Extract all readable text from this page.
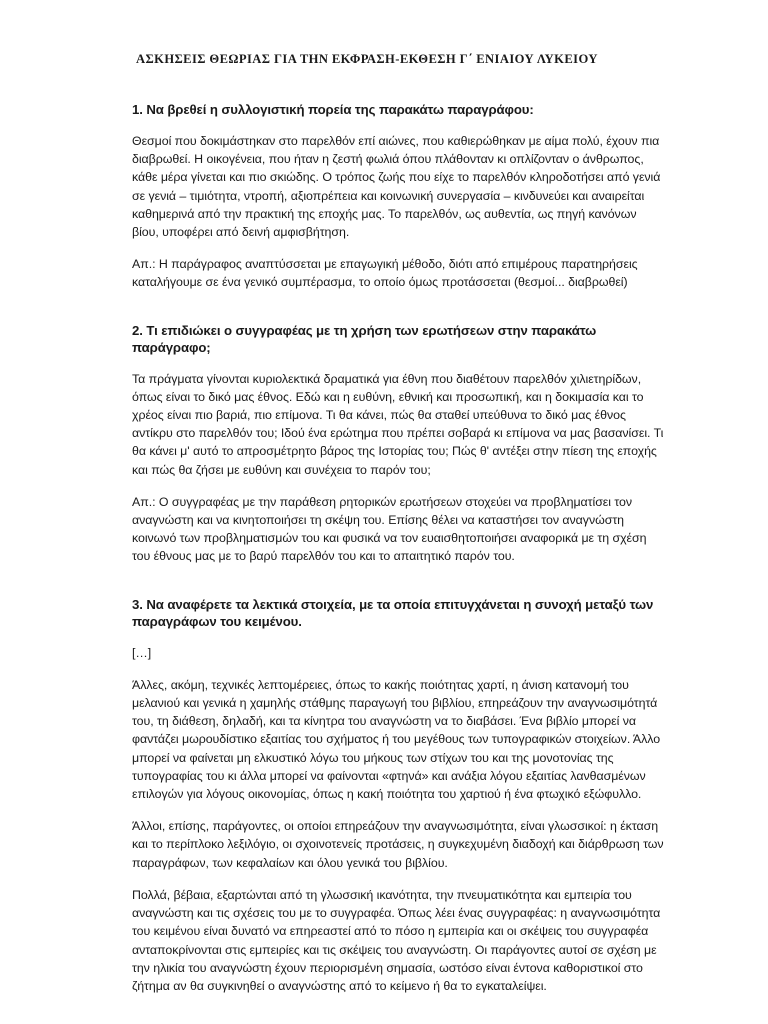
ΑΣΚΗΣΕΙΣ ΘΕΩΡΙΑΣ ΓΙΑ ΤΗΝ ΕΚΦΡΑΣΗ-ΕΚΘΕΣΗ Γ΄ ΕΝΙΑΙΟΥ ΛΥΚΕΙΟΥ
1. Να βρεθεί η συλλογιστική πορεία της παρακάτω παραγράφου:

Θεσμοί που δοκιμάστηκαν στο παρελθόν επί αιώνες, που καθιερώθηκαν με αίμα πολύ, έχουν πια διαβρωθεί. Η οικογένεια, που ήταν η ζεστή φωλιά όπου πλάθονταν κι οπλίζονταν ο άνθρωπος, κάθε μέρα γίνεται και πιο σκιώδης. Ο τρόπος ζωής που είχε το παρελθόν κληροδοτήσει από γενιά σε γενιά – τιμιότητα, ντροπή, αξιοπρέπεια και κοινωνική συνεργασία – κινδυνεύει και αναιρείται καθημερινά από την πρακτική της εποχής μας. Το παρελθόν, ως αυθεντία, ως πηγή κανόνων βίου, υποφέρει από δεινή αμφισβήτηση.

Απ.: Η παράγραφος αναπτύσσεται με επαγωγική μέθοδο, διότι από επιμέρους παρατηρήσεις καταλήγουμε σε ένα γενικό συμπέρασμα, το οποίο όμως προτάσσεται (θεσμοί... διαβρωθεί)

2. Τι επιδιώκει ο συγγραφέας με τη χρήση των ερωτήσεων στην παρακάτω παράγραφο;

Τα πράγματα γίνονται κυριολεκτικά δραματικά για έθνη που διαθέτουν παρελθόν χιλιετηρίδων, όπως είναι το δικό μας έθνος. Εδώ και η ευθύνη, εθνική και προσωπική, και η δοκιμασία και το χρέος είναι πιο βαριά, πιο επίμονα. Τι θα κάνει, πώς θα σταθεί υπεύθυνα το δικό μας έθνος αντίκρυ στο παρελθόν του; Ιδού ένα ερώτημα που πρέπει σοβαρά κι επίμονα να μας βασανίσει. Τι θα κάνει μ' αυτό το απροσμέτρητο βάρος της Ιστορίας του; Πώς θ' αντέξει στην πίεση της εποχής και πώς θα ζήσει με ευθύνη και συνέχεια το παρόν του;

Απ.: Ο συγγραφέας με την παράθεση ρητορικών ερωτήσεων στοχεύει να προβληματίσει τον αναγνώστη και να κινητοποιήσει τη σκέψη του. Επίσης θέλει να καταστήσει τον αναγνώστη κοινωνό των προβληματισμών του και φυσικά να τον ευαισθητοποιήσει αναφορικά με τη σχέση του έθνους μας με το βαρύ παρελθόν του και το απαιτητικό παρόν του.

3. Να αναφέρετε τα λεκτικά στοιχεία, με τα οποία επιτυγχάνεται η συνοχή μεταξύ των παραγράφων του κειμένου.

[…]

Άλλες, ακόμη, τεχνικές λεπτομέρειες, όπως το κακής ποιότητας χαρτί, η άνιση κατανομή του μελανιού και γενικά η χαμηλής στάθμης παραγωγή του βιβλίου, επηρεάζουν την αναγνωσιμότητά του, τη διάθεση, δηλαδή, και τα κίνητρα του αναγνώστη να το διαβάσει. Ένα βιβλίο μπορεί να φαντάζει μωρουδίστικο εξαιτίας του σχήματος ή του μεγέθους των τυπογραφικών στοιχείων. Άλλο μπορεί να φαίνεται μη ελκυστικό λόγω του μήκους των στίχων του και της μονοτονίας της τυπογραφίας του κι άλλα μπορεί να φαίνονται «φτηνά» και ανάξια λόγου εξαιτίας λανθασμένων επιλογών για λόγους οικονομίας, όπως η κακή ποιότητα του χαρτιού ή ένα φτωχικό εξώφυλλο.

Άλλοι, επίσης, παράγοντες, οι οποίοι επηρεάζουν την αναγνωσιμότητα, είναι γλωσσικοί: η έκταση και το περίπλοκο λεξιλόγιο, οι σχοινοτενείς προτάσεις, η συγκεχυμένη διαδοχή και διάρθρωση των παραγράφων, των κεφαλαίων και όλου γενικά του βιβλίου.

Πολλά, βέβαια, εξαρτώνται από τη γλωσσική ικανότητα, την πνευματικότητα και εμπειρία του αναγνώστη και τις σχέσεις του με το συγγραφέα. Όπως λέει ένας συγγραφέας: η αναγνωσιμότητα του κειμένου είναι δυνατό να επηρεαστεί από το πόσο η εμπειρία και οι σκέψεις του συγγραφέα ανταποκρίνονται στις εμπειρίες και τις σκέψεις του αναγνώστη. Οι παράγοντες αυτοί σε σχέση με την ηλικία του αναγνώστη έχουν περιορισμένη σημασία, ωστόσο είναι έντονα καθοριστικοί στο ζήτημα αν θα συγκινηθεί ο αναγνώστης από το κείμενο ή θα το εγκαταλείψει.
